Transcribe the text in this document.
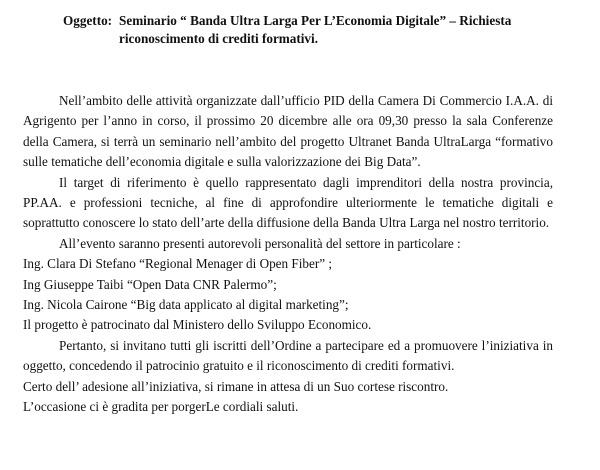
Oggetto: Seminario “ Banda Ultra Larga Per L’Economia Digitale” – Richiesta
riconoscimento di crediti formativi.
Nell’ambito delle attività organizzate dall’ufficio PID della Camera Di Commercio I.A.A. di
Agrigento per l’anno in corso, il prossimo 20 dicembre alle ora 09,30 presso la sala Conferenze
della Camera, si terrà un seminario nell’ambito del progetto Ultranet Banda UltraLarga “formativo
sulle tematiche dell’economia digitale e sulla valorizzazione dei Big Data”.
Il target di riferimento è quello rappresentato dagli imprenditori della nostra provincia,
PP.AA. e professioni tecniche, al fine di approfondire ulteriormente le tematiche digitali e
soprattutto conoscere lo stato dell’arte della diffusione della Banda Ultra Larga nel nostro territorio.
All’evento saranno presenti autorevoli personalità del settore in particolare :
Ing. Clara Di Stefano “Regional Menager di Open Fiber” ;
Ing Giuseppe Taibi “Open Data CNR Palermo”;
Ing. Nicola Cairone “Big data applicato al digital marketing”;
Il progetto è patrocinato dal Ministero dello Sviluppo Economico.
Pertanto, si invitano tutti gli iscritti dell’Ordine a partecipare ed a promuovere l’iniziativa in
oggetto, concedendo il patrocinio gratuito e il riconoscimento di crediti formativi.
Certo dell’ adesione all’iniziativa, si rimane in attesa di un Suo cortese riscontro.
L’occasione ci è gradita per porgerLe cordiali saluti.
